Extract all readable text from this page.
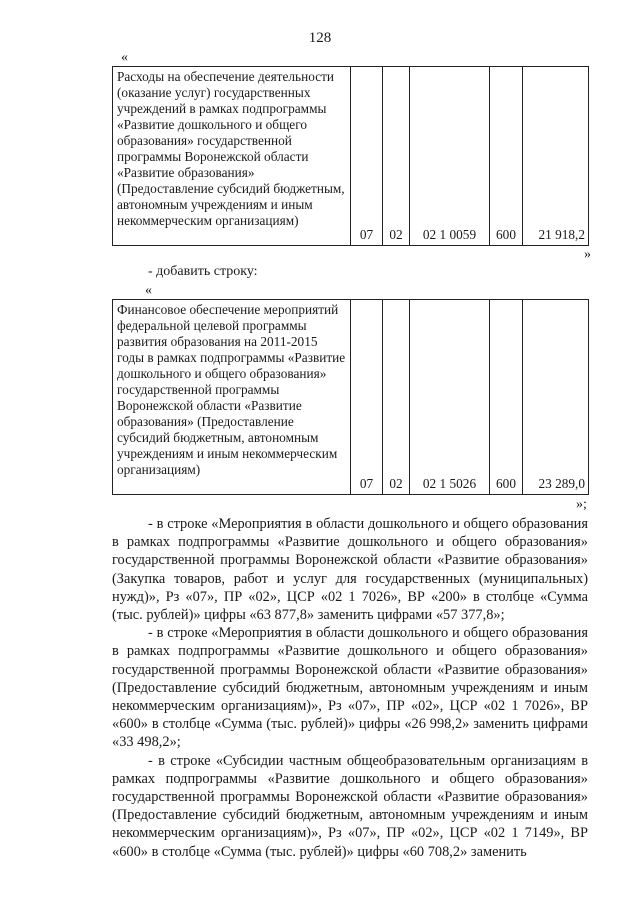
128
«
Расходы на обеспечение деятельности (оказание услуг) государственных учреждений в рамках подпрограммы «Развитие дошкольного и общего образования» государственной программы Воронежской области «Развитие образования» (Предоставление субсидий бюджетным, автономным учреждениям и иным некоммерческим организациям)
	07	02	02 1 0059	600	21 918,2
»
- добавить строку:
«
Финансовое обеспечение мероприятий федеральной целевой программы развития образования на 2011-2015 годы в рамках подпрограммы «Развитие дошкольного и общего образования» государственной программы Воронежской области «Развитие образования» (Предоставление субсидий бюджетным, автономным учреждениям и иным некоммерческим организациям)
	07	02	02 1 5026	600	23 289,0
»;

- в строке «Мероприятия в области дошкольного и общего образования в рамках подпрограммы «Развитие дошкольного и общего образования» государственной программы Воронежской области «Развитие образования» (Закупка товаров, работ и услуг для государственных (муниципальных) нужд)», Рз «07», ПР «02», ЦСР «02 1 7026», ВР «200» в столбце «Сумма (тыс. рублей)» цифры «63 877,8» заменить цифрами «57 377,8»;

- в строке «Мероприятия в области дошкольного и общего образования в рамках подпрограммы «Развитие дошкольного и общего образования» государственной программы Воронежской области «Развитие образования» (Предоставление субсидий бюджетным, автономным учреждениям и иным некоммерческим организациям)», Рз «07», ПР «02», ЦСР «02 1 7026», ВР «600» в столбце «Сумма (тыс. рублей)» цифры «26 998,2» заменить цифрами «33 498,2»;

- в строке «Субсидии частным общеобразовательным организациям в рамках подпрограммы «Развитие дошкольного и общего образования» государственной программы Воронежской области «Развитие образования» (Предоставление субсидий бюджетным, автономным учреждениям и иным некоммерческим организациям)», Рз «07», ПР «02», ЦСР «02 1 7149», ВР «600» в столбце «Сумма (тыс. рублей)» цифры «60 708,2» заменить
